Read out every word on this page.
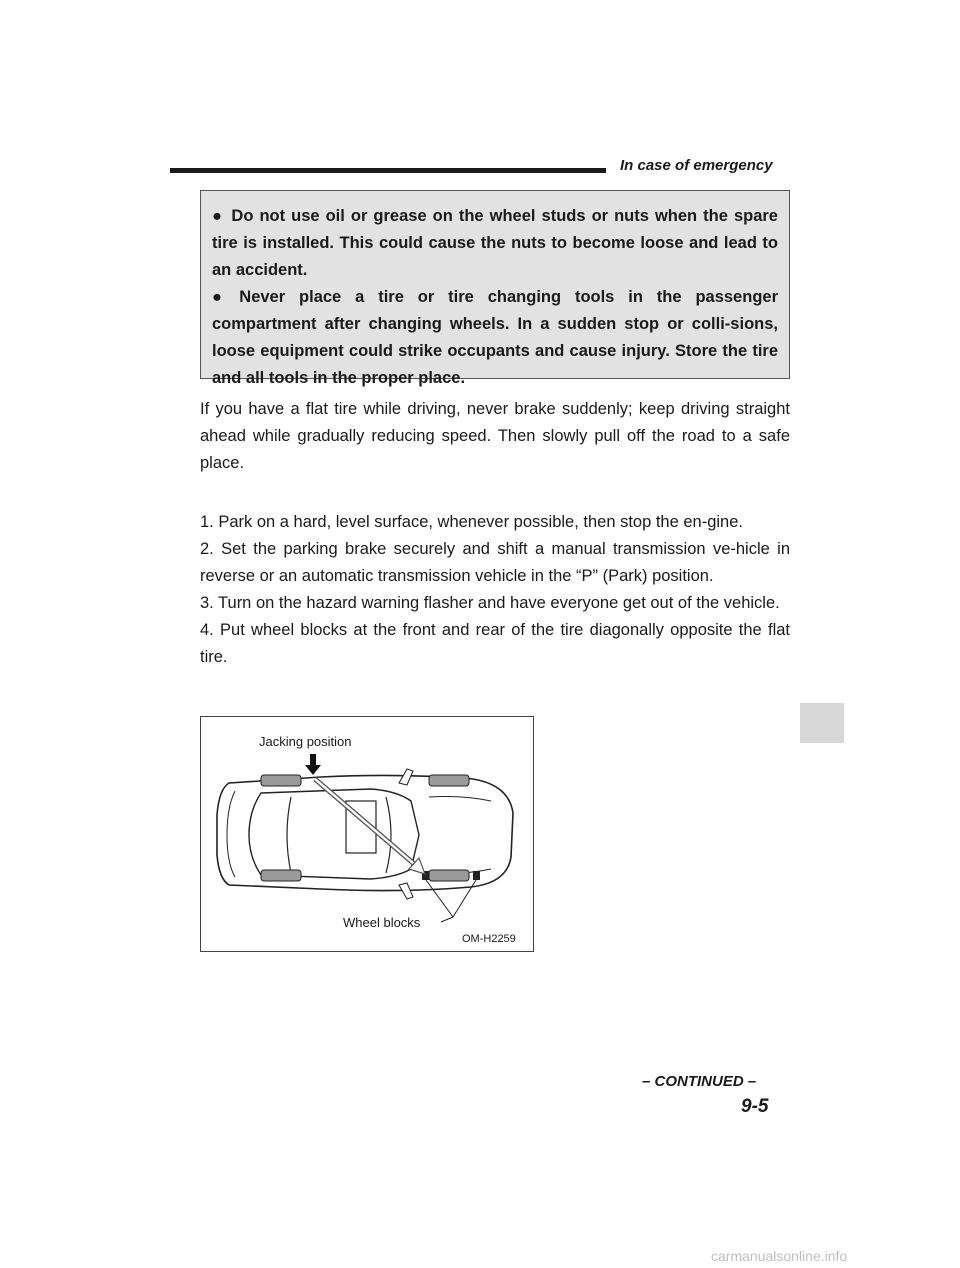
In case of emergency

● Do not use oil or grease on the wheel studs or nuts when the spare tire is installed. This could cause the nuts to become loose and lead to an accident.

● Never place a tire or tire changing tools in the passenger compartment after changing wheels. In a sudden stop or colli-sions, loose equipment could strike occupants and cause injury. Store the tire and all tools in the proper place.

If you have a flat tire while driving, never brake suddenly; keep driving straight ahead while gradually reducing speed. Then slowly pull off the road to a safe place.

1. Park on a hard, level surface, whenever possible, then stop the en-gine.

2. Set the parking brake securely and shift a manual transmission ve-hicle in reverse or an automatic transmission vehicle in the “P” (Park) position.

3. Turn on the hazard warning flasher and have everyone get out of the vehicle.

4. Put wheel blocks at the front and rear of the tire diagonally opposite the flat tire.

Jacking position
Wheel blocks
OM-H2259
– CONTINUED –
9-5
carmanualsonline.info
